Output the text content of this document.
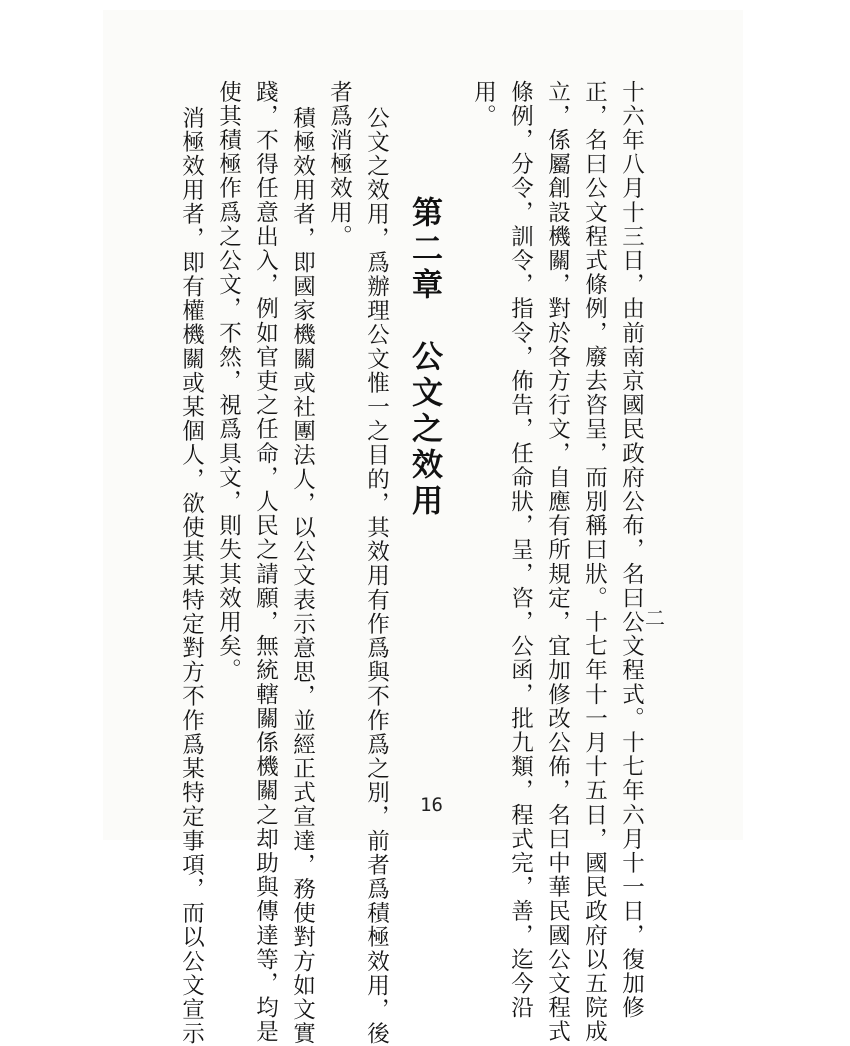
十六年八月十三日，由前南京國民政府公布，名曰公文程式。十七年六月十一日，復加修
正，名曰公文程式條例，廢去咨呈，而別稱曰狀。十七年十一月十五日，國民政府以五院成
立，係屬創設機關，對於各方行文，自應有所規定，宜加修改公佈，名曰中華民國公文程式
條例，分令，訓令，指令，佈告，任命狀，呈，咨，公函，批九類，程式完，善，迄今沿
用。
第二章　公文之效用
公文之效用，爲辦理公文惟一之目的，其效用有作爲與不作爲之別，前者爲積極效用，後
者爲消極效用。
積極效用者，即國家機關或社團法人，以公文表示意思，並經正式宣達，務使對方如文實
踐，不得任意出入，例如官吏之任命，人民之請願，無統轄關係機關之却助與傳達等，均是
使其積極作爲之公文，不然，視爲具文，則失其效用矣。
消極效用者，即有權機關或某個人，欲使其某特定對方不作爲某特定事項，而以公文宣示	二
16
